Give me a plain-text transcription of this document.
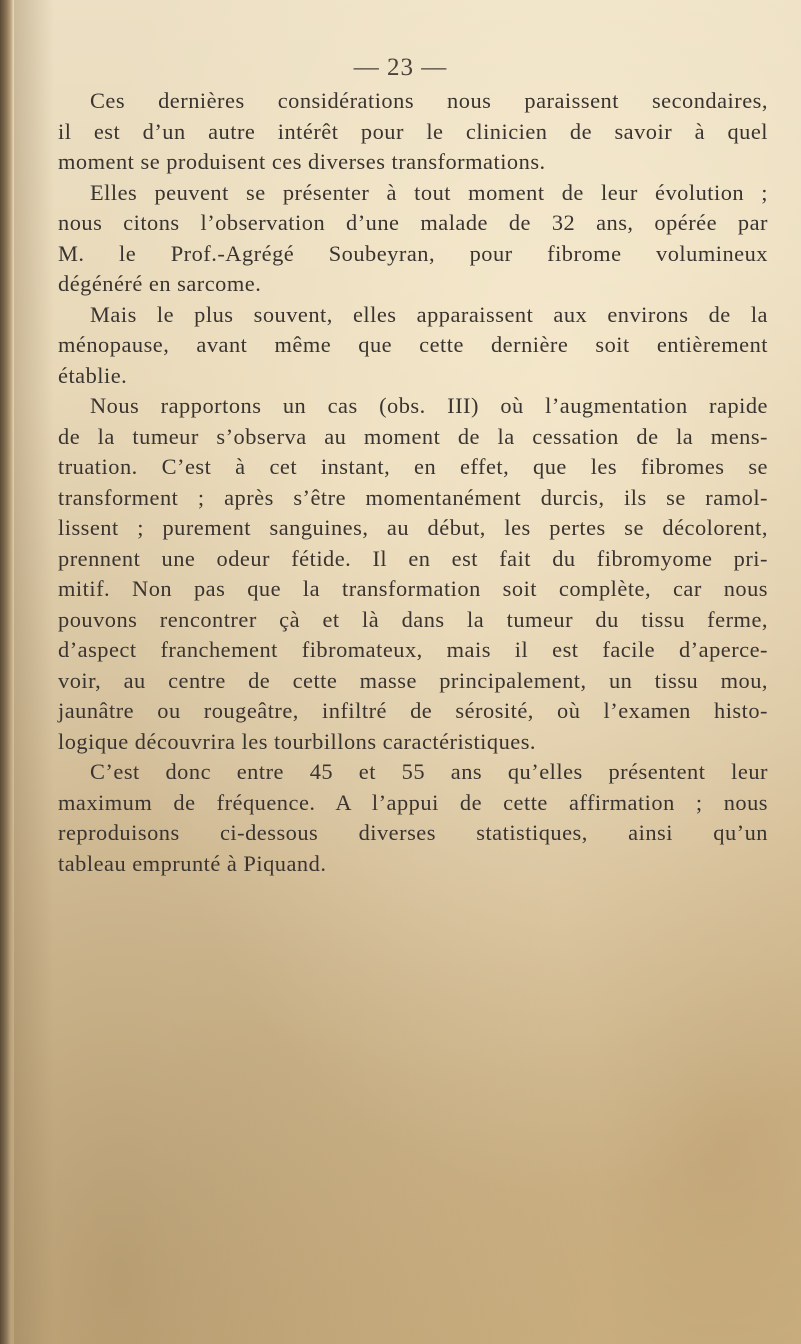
— 23 —
Ces dernières considérations nous paraissent secondaires,
il est d’un autre intérêt pour le clinicien de savoir à quel
moment se produisent ces diverses transformations.
Elles peuvent se présenter à tout moment de leur évolution ;
nous citons l’observation d’une malade de 32 ans, opérée par
M. le Prof.-Agrégé Soubeyran, pour fibrome volumineux
dégénéré en sarcome.
Mais le plus souvent, elles apparaissent aux environs de la
ménopause, avant même que cette dernière soit entièrement
établie.
Nous rapportons un cas (obs. III) où l’augmentation rapide
de la tumeur s’observa au moment de la cessation de la mens-
truation. C’est à cet instant, en effet, que les fibromes se
transforment ; après s’être momentanément durcis, ils se ramol-
lissent ; purement sanguines, au début, les pertes se décolorent,
prennent une odeur fétide. Il en est fait du fibromyome pri-
mitif. Non pas que la transformation soit complète, car nous
pouvons rencontrer çà et là dans la tumeur du tissu ferme,
d’aspect franchement fibromateux, mais il est facile d’aperce-
voir, au centre de cette masse principalement, un tissu mou,
jaunâtre ou rougeâtre, infiltré de sérosité, où l’examen histo-
logique découvrira les tourbillons caractéristiques.
C’est donc entre 45 et 55 ans qu’elles présentent leur
maximum de fréquence. A l’appui de cette affirmation ; nous
reproduisons ci-dessous diverses statistiques, ainsi qu’un
tableau emprunté à Piquand.
